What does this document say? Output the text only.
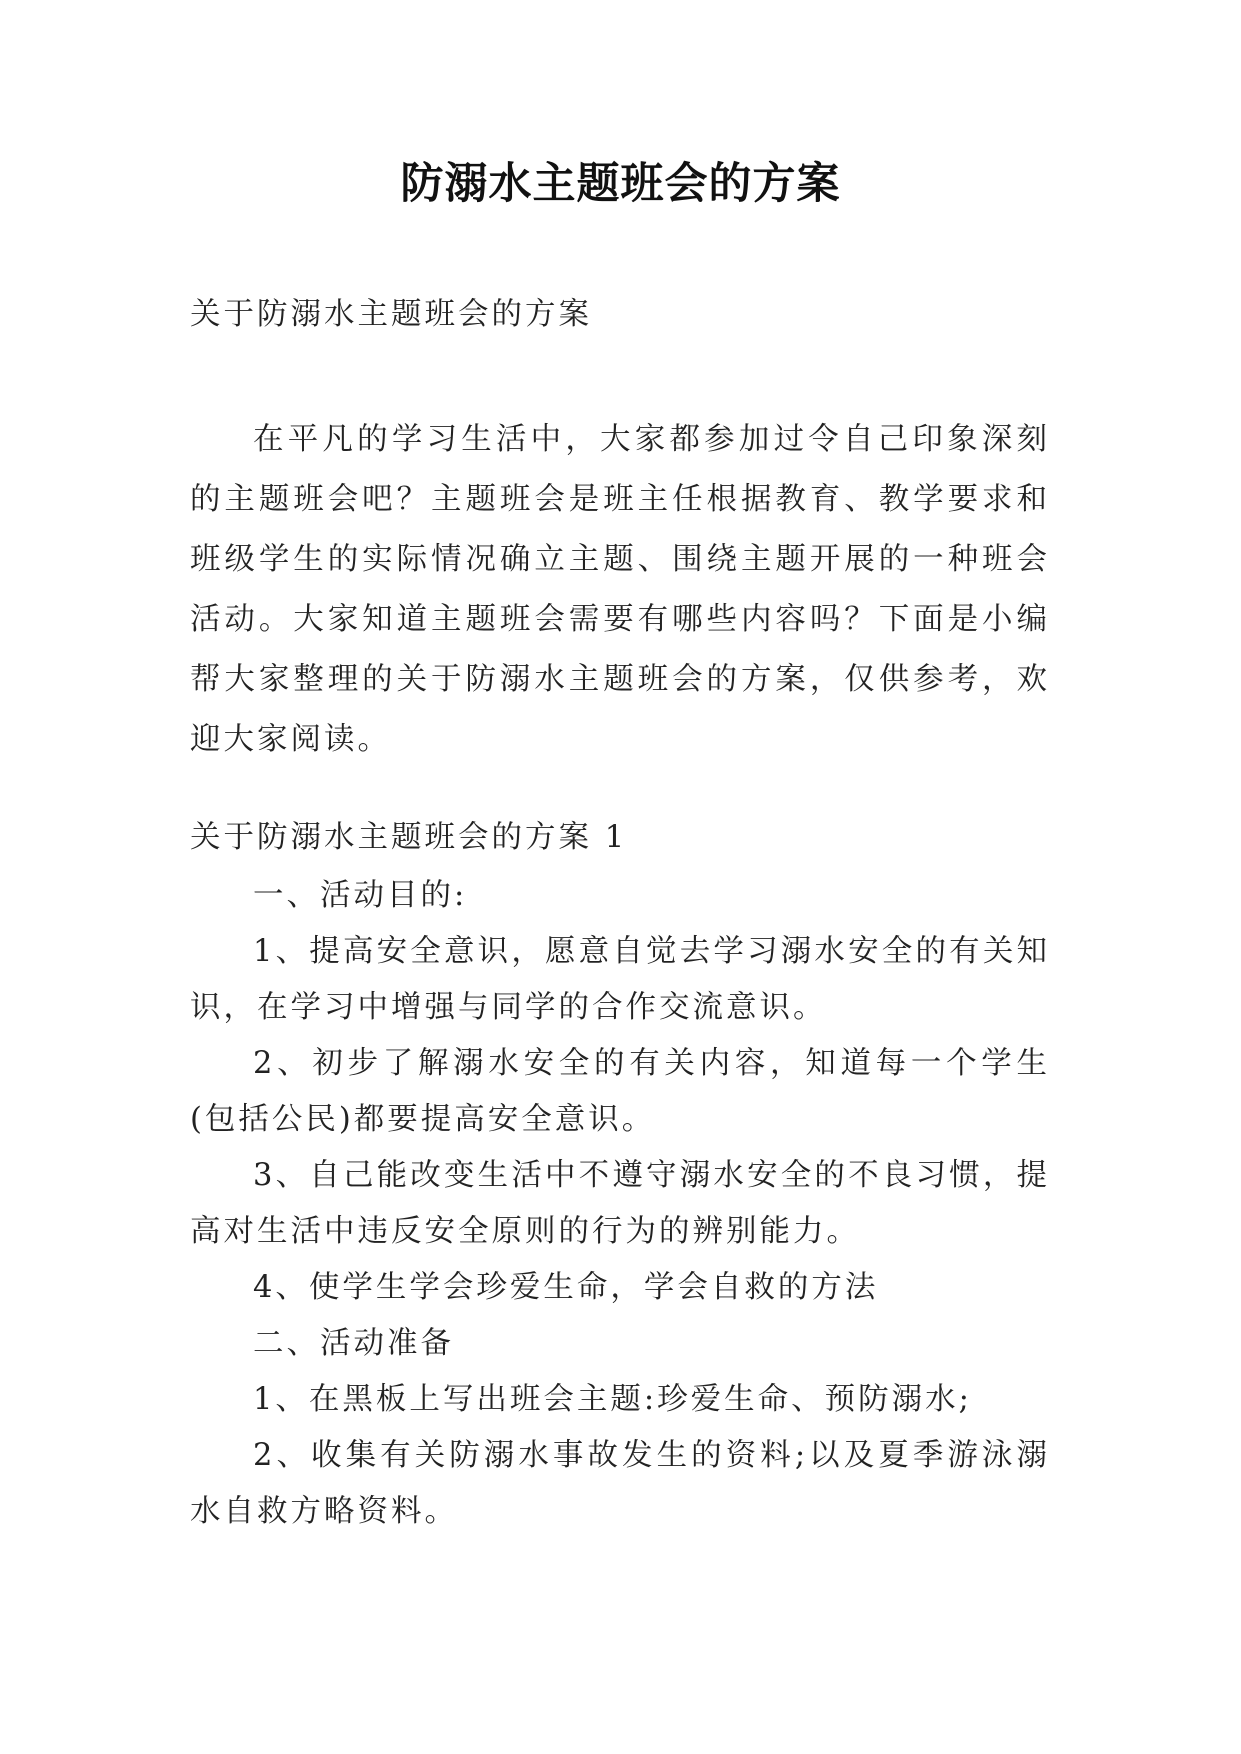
防溺水主题班会的方案

关于防溺水主题班会的方案

在平凡的学习生活中，大家都参加过令自己印象深刻的主题班会吧？主题班会是班主任根据教育、教学要求和班级学生的实际情况确立主题、围绕主题开展的一种班会活动。大家知道主题班会需要有哪些内容吗？下面是小编帮大家整理的关于防溺水主题班会的方案，仅供参考，欢迎大家阅读。

关于防溺水主题班会的方案 1

一、活动目的:

1、提高安全意识，愿意自觉去学习溺水安全的有关知识，在学习中增强与同学的合作交流意识。

2、初步了解溺水安全的有关内容，知道每一个学生(包括公民)都要提高安全意识。

3、自己能改变生活中不遵守溺水安全的不良习惯，提高对生活中违反安全原则的行为的辨别能力。

4、使学生学会珍爱生命，学会自救的方法

二、活动准备

1、在黑板上写出班会主题:珍爱生命、预防溺水;

2、收集有关防溺水事故发生的资料;以及夏季游泳溺水自救方略资料。
